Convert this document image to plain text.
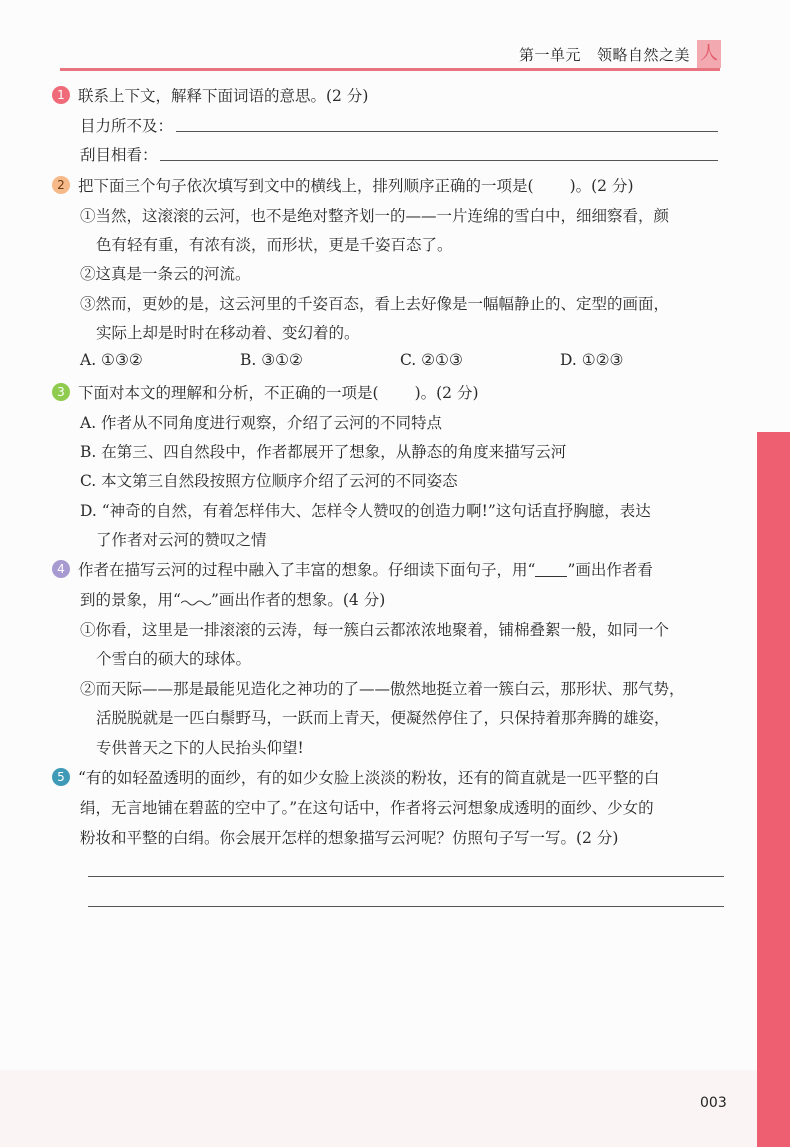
第一单元 领略自然之美 人
1 联系上下文，解释下面词语的意思。(2 分)
目力所不及：
刮目相看：
2 把下面三个句子依次填写到文中的横线上，排列顺序正确的一项是( )。(2 分)
①当然，这滚滚的云河，也不是绝对整齐划一的——一片连绵的雪白中，细细察看，颜
色有轻有重，有浓有淡，而形状，更是千姿百态了。
②这真是一条云的河流。
③然而，更妙的是，这云河里的千姿百态，看上去好像是一幅幅静止的、定型的画面，
实际上却是时时在移动着、变幻着的。
A. ①③②	B. ③①②	C. ②①③	D. ①②③
3 下面对本文的理解和分析，不正确的一项是( )。(2 分)
A. 作者从不同角度进行观察，介绍了云河的不同特点
B. 在第三、四自然段中，作者都展开了想象，从静态的角度来描写云河
C. 本文第三自然段按照方位顺序介绍了云河的不同姿态
D. “神奇的自然，有着怎样伟大、怎样令人赞叹的创造力啊!”这句话直抒胸臆，表达
了作者对云河的赞叹之情
4 作者在描写云河的过程中融入了丰富的想象。仔细读下面句子，用“ ”画出作者看
到的景象，用“ ”画出作者的想象。(4 分)
①你看，这里是一排滚滚的云涛，每一簇白云都浓浓地聚着，铺棉叠絮一般，如同一个
个雪白的硕大的球体。
②而天际——那是最能见造化之神功的了——傲然地挺立着一簇白云，那形状、那气势，
活脱脱就是一匹白鬃野马，一跃而上青天，便凝然停住了，只保持着那奔腾的雄姿，
专供普天之下的人民抬头仰望!
5 “有的如轻盈透明的面纱，有的如少女脸上淡淡的粉妆，还有的简直就是一匹平整的白
绢，无言地铺在碧蓝的空中了。”在这句话中，作者将云河想象成透明的面纱、少女的
粉妆和平整的白绢。你会展开怎样的想象描写云河呢？仿照句子写一写。(2 分)
003
